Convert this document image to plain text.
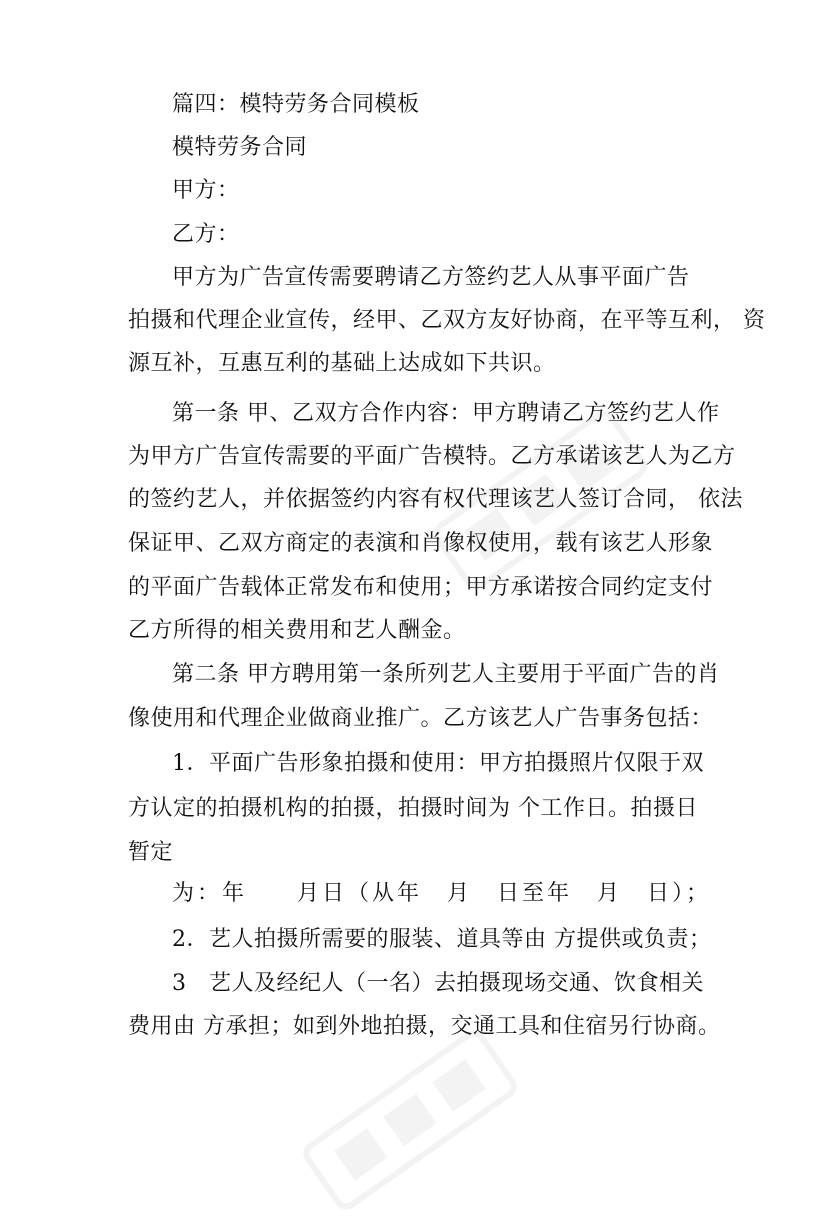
篇四：模特劳务合同模板
模特劳务合同
甲方：
乙方：
甲方为广告宣传需要聘请乙方签约艺人从事平面广告
拍摄和代理企业宣传，经甲、乙双方友好协商，在平等互利， 资
源互补，互惠互利的基础上达成如下共识。
第一条 甲、乙双方合作内容：甲方聘请乙方签约艺人作
为甲方广告宣传需要的平面广告模特。乙方承诺该艺人为乙方
的签约艺人，并依据签约内容有权代理该艺人签订合同， 依法
保证甲、乙双方商定的表演和肖像权使用，载有该艺人形象
的平面广告载体正常发布和使用；甲方承诺按合同约定支付
乙方所得的相关费用和艺人酬金。
第二条 甲方聘用第一条所列艺人主要用于平面广告的肖
像使用和代理企业做商业推广。乙方该艺人广告事务包括：
1．平面广告形象拍摄和使用：甲方拍摄照片仅限于双
方认定的拍摄机构的拍摄，拍摄时间为 个工作日。拍摄日
暂定
为：年　　月日（从年　月　日至年　月　日）；
2．艺人拍摄所需要的服装、道具等由 方提供或负责；
3　艺人及经纪人（一名）去拍摄现场交通、饮食相关
费用由 方承担；如到外地拍摄，交通工具和住宿另行协商。
